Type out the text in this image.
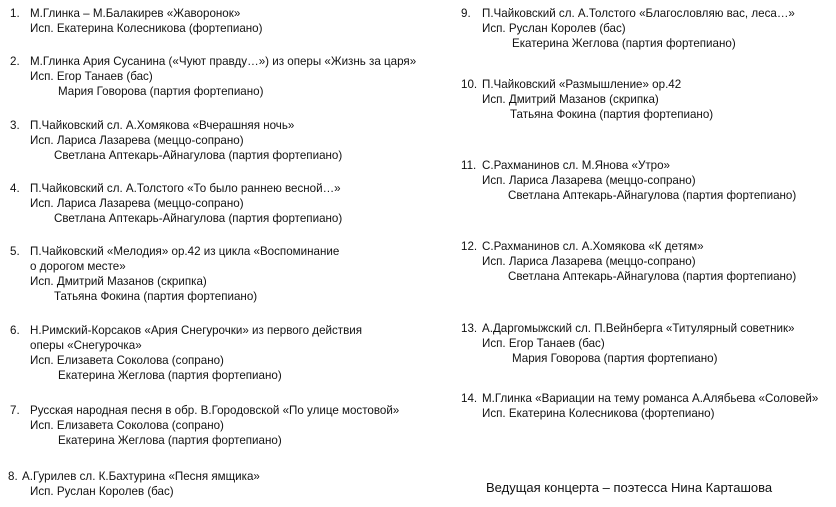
1. М.Глинка – М.Балакирев «Жаворонок»
Исп. Екатерина Колесникова (фортепиано)
2. М.Глинка Ария Сусанина («Чуют правду…») из оперы «Жизнь за царя»
Исп. Егор Танаев (бас)
Мария Говорова (партия фортепиано)
3. П.Чайковский сл. А.Хомякова «Вчерашняя ночь»
Исп. Лариса Лазарева (меццо-сопрано)
Светлана Аптекарь-Айнагулова (партия фортепиано)
4. П.Чайковский сл. А.Толстого «То было раннею весной…»
Исп. Лариса Лазарева (меццо-сопрано)
Светлана Аптекарь-Айнагулова (партия фортепиано)
5. П.Чайковский «Мелодия» ор.42 из цикла «Воспоминание
о дорогом месте»
Исп. Дмитрий Мазанов (скрипка)
Татьяна Фокина (партия фортепиано)
6. Н.Римский-Корсаков «Ария Снегурочки» из первого действия
оперы «Снегурочка»
Исп. Елизавета Соколова (сопрано)
Екатерина Жеглова (партия фортепиано)
7. Русская народная песня в обр. В.Городовской «По улице мостовой»
Исп. Елизавета Соколова (сопрано)
Екатерина Жеглова (партия фортепиано)
8. А.Гурилев сл. К.Бахтурина «Песня ямщика»
Исп. Руслан Королев (бас)
9. П.Чайковский сл. А.Толстого «Благословляю вас, леса…»
Исп. Руслан Королев (бас)
Екатерина Жеглова (партия фортепиано)
10. П.Чайковский «Размышление» ор.42
Исп. Дмитрий Мазанов (скрипка)
Татьяна Фокина (партия фортепиано)
11. С.Рахманинов сл. М.Янова «Утро»
Исп. Лариса Лазарева (меццо-сопрано)
Светлана Аптекарь-Айнагулова (партия фортепиано)
12. С.Рахманинов сл. А.Хомякова «К детям»
Исп. Лариса Лазарева (меццо-сопрано)
Светлана Аптекарь-Айнагулова (партия фортепиано)
13. А.Даргомыжский сл. П.Вейнберга «Титулярный советник»
Исп. Егор Танаев (бас)
Мария Говорова (партия фортепиано)
14. М.Глинка «Вариации на тему романса А.Алябьева «Соловей»
Исп. Екатерина Колесникова (фортепиано)
Ведущая концерта – поэтесса Нина Карташова
